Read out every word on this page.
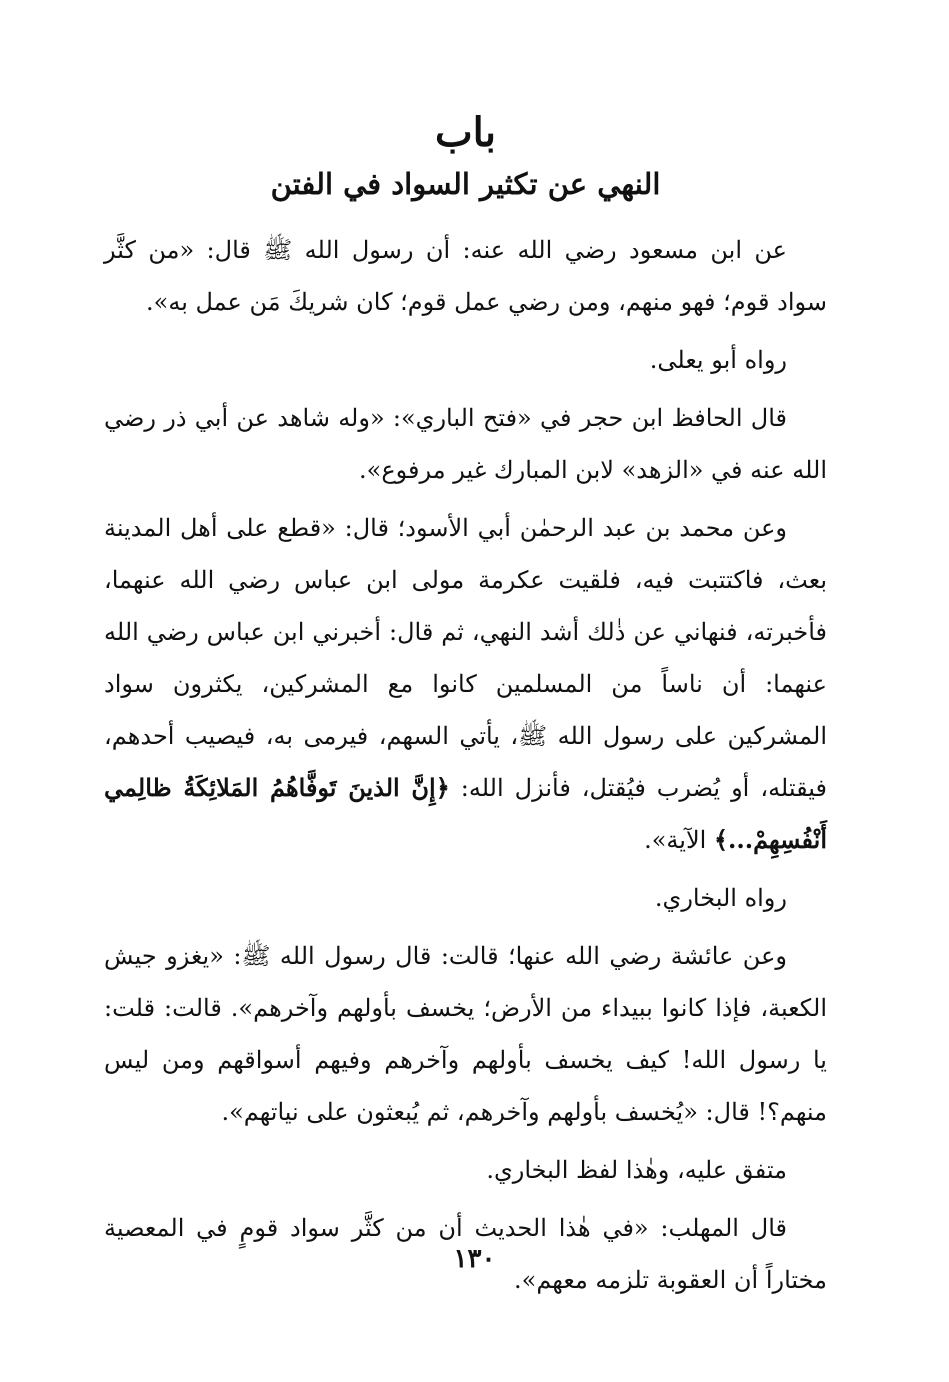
باب
النهي عن تكثير السواد في الفتن

عن ابن مسعود رضي الله عنه: أن رسول الله ﷺ قال: «من كثَّر سواد قوم؛ فهو منهم، ومن رضي عمل قوم؛ كان شريكَ مَن عمل به».

رواه أبو يعلى.

قال الحافظ ابن حجر في «فتح الباري»: «وله شاهد عن أبي ذر رضي الله عنه في «الزهد» لابن المبارك غير مرفوع».

وعن محمد بن عبد الرحمٰن أبي الأسود؛ قال: «قطع على أهل المدينة بعث، فاكتتبت فيه، فلقيت عكرمة مولى ابن عباس رضي الله عنهما، فأخبرته، فنهاني عن ذٰلك أشد النهي، ثم قال: أخبرني ابن عباس رضي الله عنهما: أن ناساً من المسلمين كانوا مع المشركين، يكثرون سواد المشركين على رسول الله ﷺ، يأتي السهم، فيرمى به، فيصيب أحدهم، فيقتله، أو يُضرب فيُقتل، فأنزل الله: ﴿إِنَّ الذينَ تَوفَّاهُمُ المَلائِكَةُ ظالِمي أَنْفُسِهِمْ...﴾ الآية».

رواه البخاري.

وعن عائشة رضي الله عنها؛ قالت: قال رسول الله ﷺ: «يغزو جيش الكعبة، فإذا كانوا ببيداء من الأرض؛ يخسف بأولهم وآخرهم». قالت: قلت: يا رسول الله! كيف يخسف بأولهم وآخرهم وفيهم أسواقهم ومن ليس منهم؟! قال: «يُخسف بأولهم وآخرهم، ثم يُبعثون على نياتهم».

متفق عليه، وهٰذا لفظ البخاري.

قال المهلب: «في هٰذا الحديث أن من كثَّر سواد قومٍ في المعصية مختاراً أن العقوبة تلزمه معهم».

١٣٠
